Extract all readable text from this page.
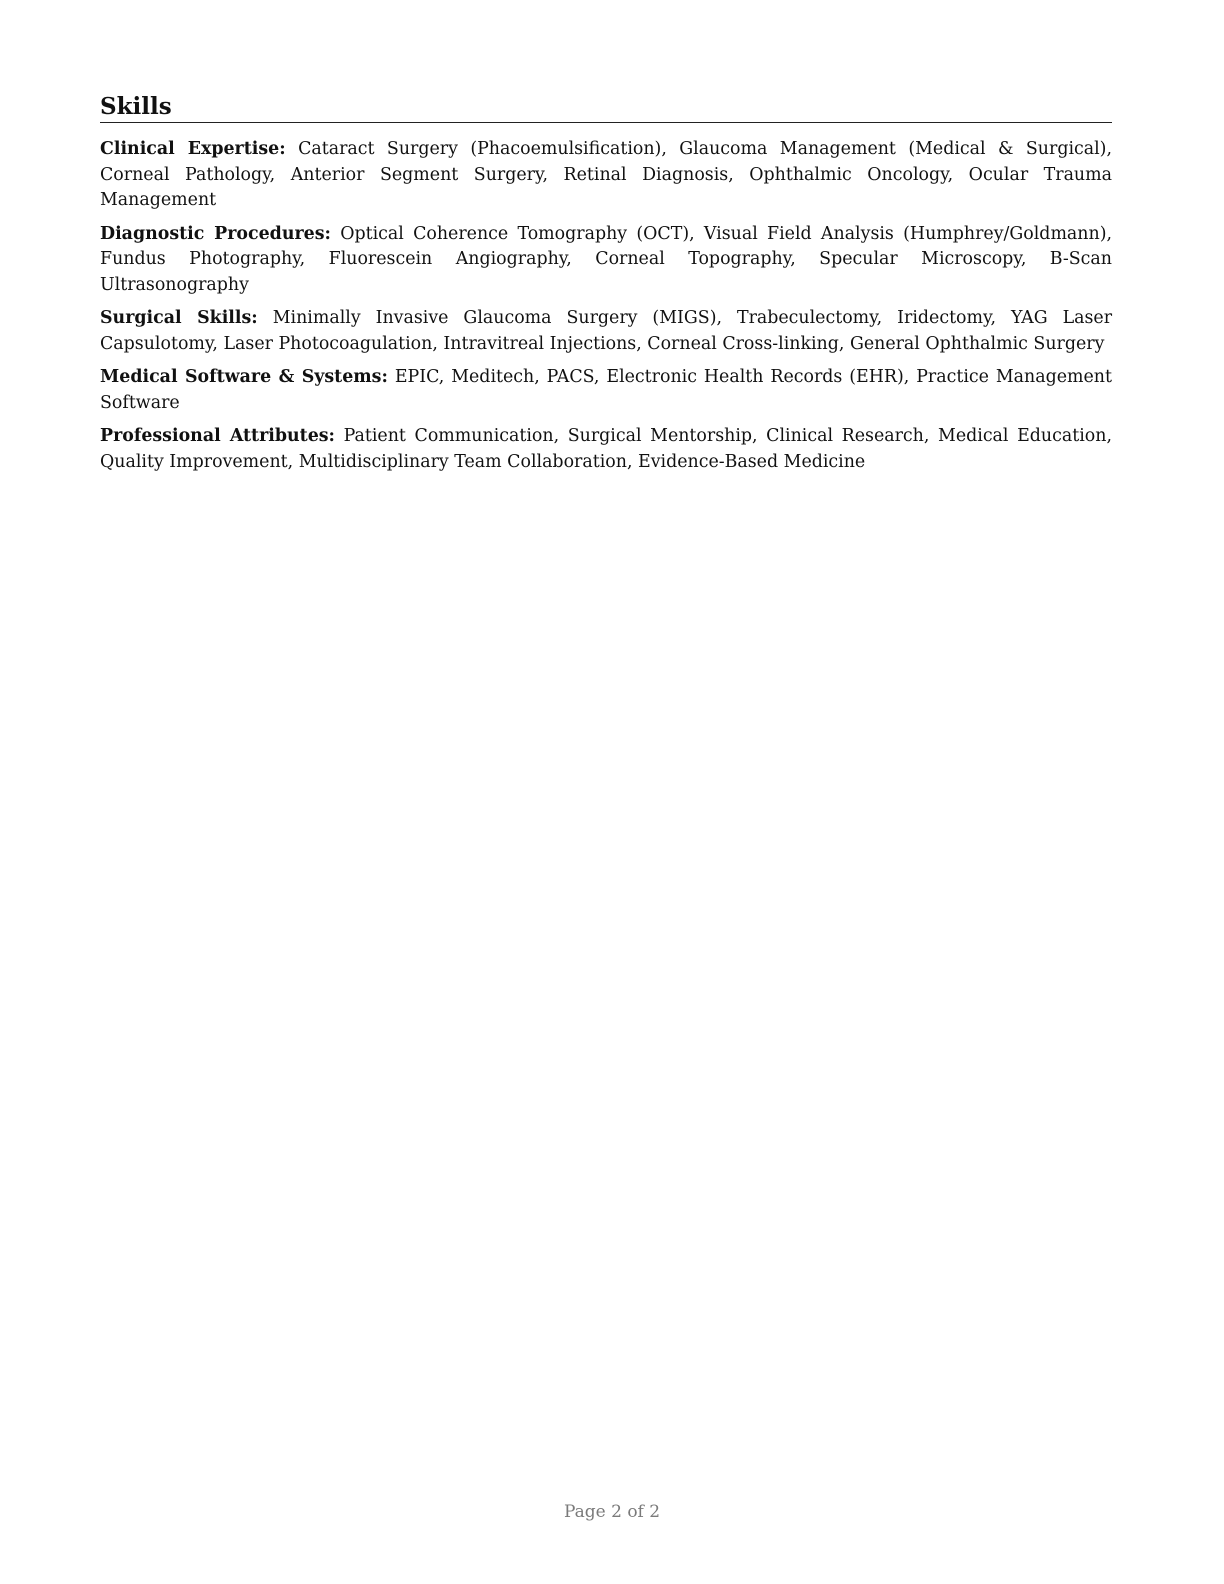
Skills

Clinical Expertise: Cataract Surgery (Phacoemulsification), Glaucoma Management (Medical & Surgical), Corneal Pathology, Anterior Segment Surgery, Retinal Diagnosis, Ophthalmic Oncology, Ocular Trauma Management

Diagnostic Procedures: Optical Coherence Tomography (OCT), Visual Field Analysis (Humphrey/Goldmann), Fundus Photography, Fluorescein Angiography, Corneal Topography, Specular Microscopy, B-Scan Ultrasonography

Surgical Skills: Minimally Invasive Glaucoma Surgery (MIGS), Trabeculectomy, Iridectomy, YAG Laser Capsulotomy, Laser Photocoagulation, Intravitreal Injections, Corneal Cross-linking, General Ophthalmic Surgery

Medical Software & Systems: EPIC, Meditech, PACS, Electronic Health Records (EHR), Practice Management Software

Professional Attributes: Patient Communication, Surgical Mentorship, Clinical Research, Medical Education, Quality Improvement, Multidisciplinary Team Collaboration, Evidence-Based Medicine

Page 2 of 2
